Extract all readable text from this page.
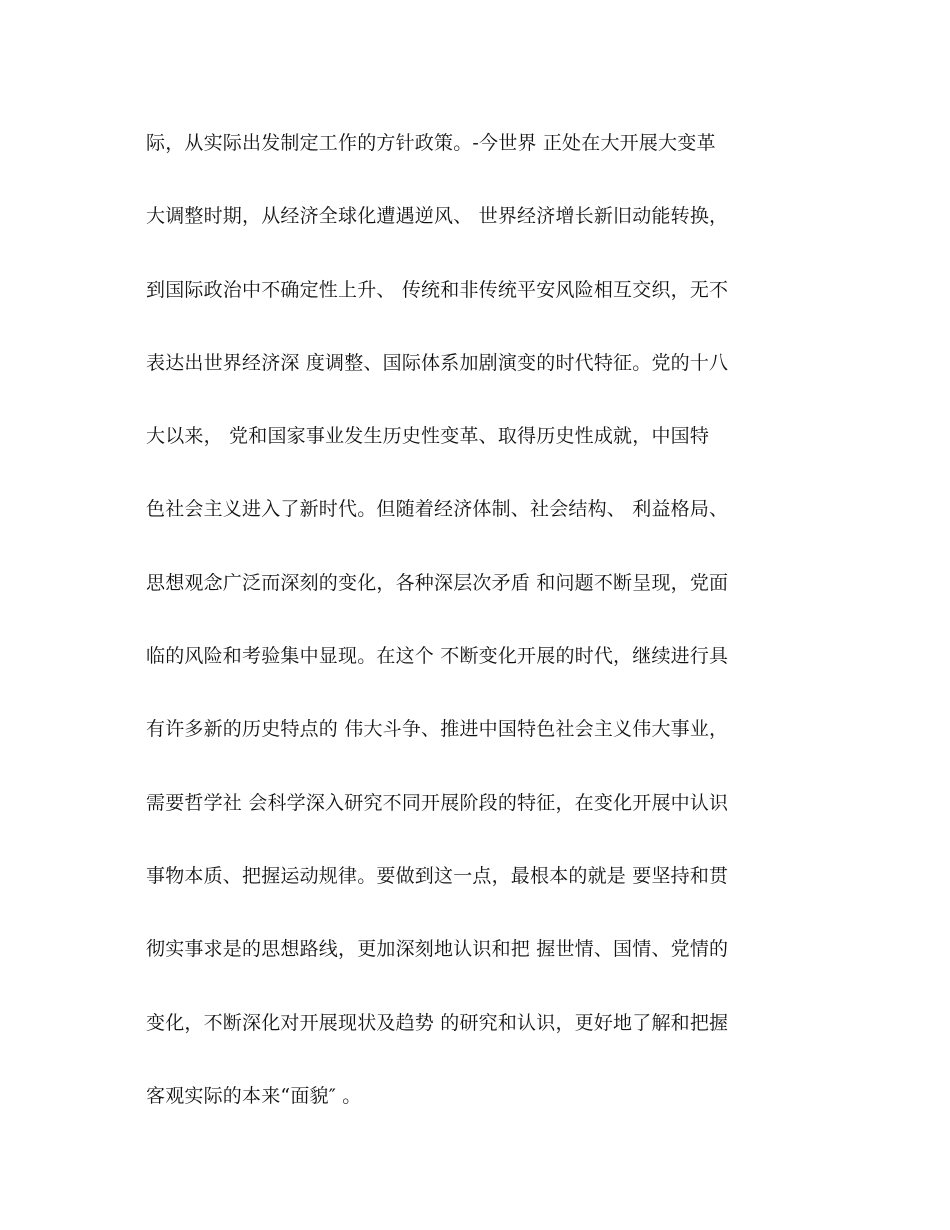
际，从实际出发制定工作的方针政策。-今世界 正处在大开展大变革
大调整时期，从经济全球化遭遇逆风、 世界经济增长新旧动能转换，
到国际政治中不确定性上升、 传统和非传统平安风险相互交织，无不
表达出世界经济深 度调整、国际体系加剧演变的时代特征。党的十八
大以来， 党和国家事业发生历史性变革、取得历史性成就，中国特
色社会主义进入了新时代。但随着经济体制、社会结构、 利益格局、
思想观念广泛而深刻的变化，各种深层次矛盾 和问题不断呈现，党面
临的风险和考验集中显现。在这个 不断变化开展的时代，继续进行具
有许多新的历史特点的 伟大斗争、推进中国特色社会主义伟大事业，
需要哲学社 会科学深入研究不同开展阶段的特征，在变化开展中认识
事物本质、把握运动规律。要做到这一点，最根本的就是 要坚持和贯
彻实事求是的思想路线，更加深刻地认识和把 握世情、国情、党情的
变化，不断深化对开展现状及趋势 的研究和认识，更好地了解和把握
客观实际的本来“面貌″ 。
